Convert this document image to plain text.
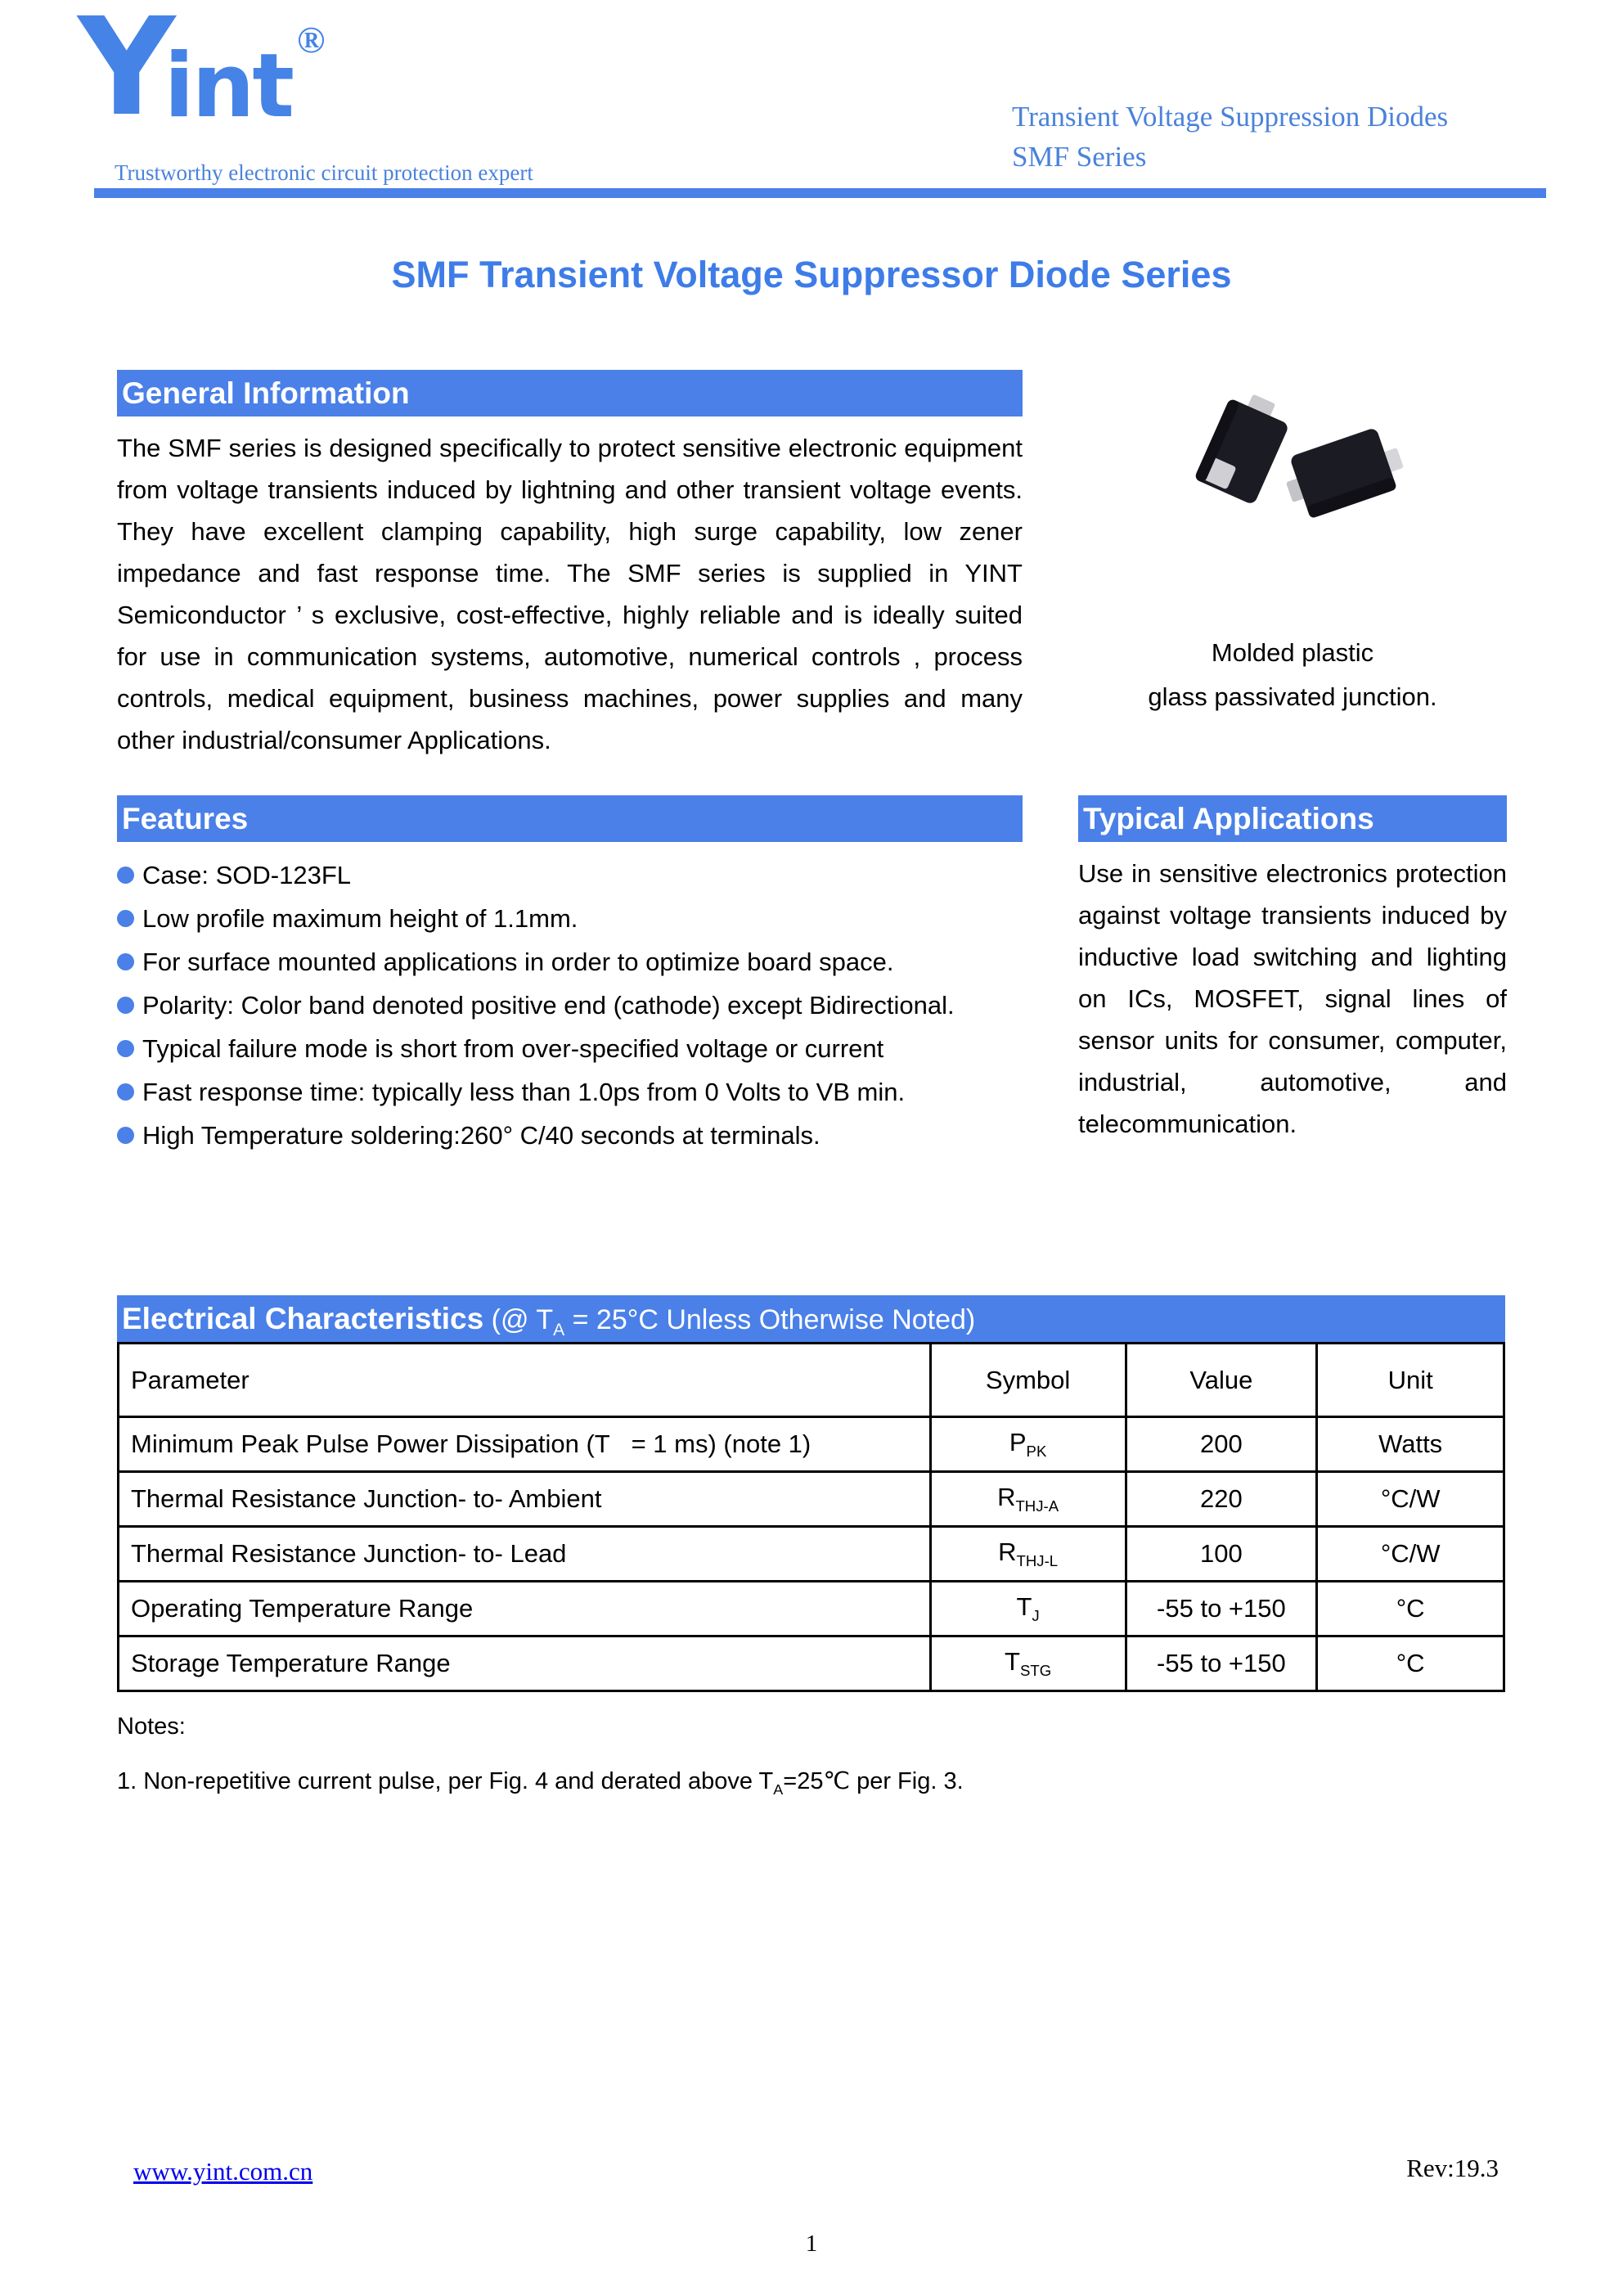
Y
int ®
Trustworthy electronic circuit protection expert
Transient Voltage Suppression Diodes
SMF Series
SMF Transient Voltage Suppressor Diode Series
General Information
The SMF series is designed specifically to protect sensitive electronic equipment from voltage transients induced by lightning and other transient voltage events. They have excellent clamping capability, high surge capability, low zener impedance and fast response time. The SMF series is supplied in YINT Semiconductor ’ s exclusive, cost-effective, highly reliable and is ideally suited for use in communication systems, automotive, numerical controls , process controls, medical equipment, business machines, power supplies and many other industrial/consumer Applications.
Molded plastic
glass passivated junction.
Features
Case: SOD-123FL
Low profile maximum height of 1.1mm.
For surface mounted applications in order to optimize board space.
Polarity: Color band denoted positive end (cathode) except Bidirectional.
Typical failure mode is short from over-specified voltage or current
Fast response time: typically less than 1.0ps from 0 Volts to VB min.
High Temperature soldering:260° C/40 seconds at terminals.
Typical Applications
Use in sensitive electronics protection against voltage transients induced by inductive load switching and lighting on ICs, MOSFET, signal lines of sensor units for consumer, computer, industrial, automotive, and telecommunication.
Electrical Characteristics (@ $T_A = 25^\circ C$ Unless Otherwise Noted)
Parameter	Symbol	Value	Unit
Minimum Peak Pulse Power Dissipation (T   = 1 ms) (note 1)	$P_{PK}$	200	Watts
Thermal Resistance Junction- to- Ambient	$R_{THJ-A}$	220	°C/W
Thermal Resistance Junction- to- Lead	$R_{THJ-L}$	100	°C/W
Operating Temperature Range	$T_J$	-55 to +150	°C
Storage Temperature Range	$T_{STG}$	-55 to +150	°C
Notes:
1. Non-repetitive current pulse, per Fig. 4 and derated above $T_A=25℃$ per Fig. 3.
www.yint.com.cn	Rev:19.3
1
